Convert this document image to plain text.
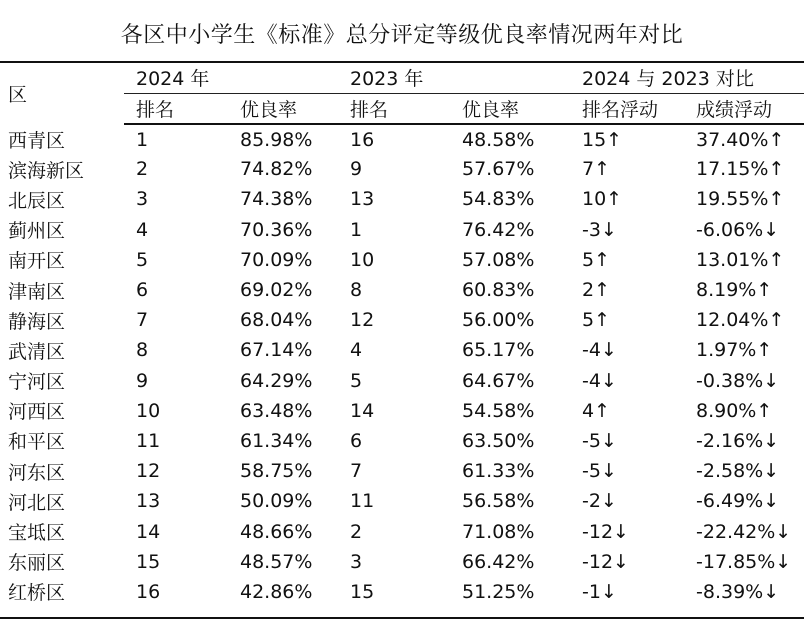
各区中小学生《标准》总分评定等级优良率情况两年对比
区	2024 年		2023 年		2024 与 2023 对比	
	排名	优良率	排名	优良率	排名浮动	成绩浮动
西青区	1	85.98%	16	48.58%	15↑	37.40%↑
滨海新区	2	74.82%	9	57.67%	7↑	17.15%↑
北辰区	3	74.38%	13	54.83%	10↑	19.55%↑
蓟州区	4	70.36%	1	76.42%	-3↓	-6.06%↓
南开区	5	70.09%	10	57.08%	5↑	13.01%↑
津南区	6	69.02%	8	60.83%	2↑	8.19%↑
静海区	7	68.04%	12	56.00%	5↑	12.04%↑
武清区	8	67.14%	4	65.17%	-4↓	1.97%↑
宁河区	9	64.29%	5	64.67%	-4↓	-0.38%↓
河西区	10	63.48%	14	54.58%	4↑	8.90%↑
和平区	11	61.34%	6	63.50%	-5↓	-2.16%↓
河东区	12	58.75%	7	61.33%	-5↓	-2.58%↓
河北区	13	50.09%	11	56.58%	-2↓	-6.49%↓
宝坻区	14	48.66%	2	71.08%	-12↓	-22.42%↓
东丽区	15	48.57%	3	66.42%	-12↓	-17.85%↓
红桥区	16	42.86%	15	51.25%	-1↓	-8.39%↓
